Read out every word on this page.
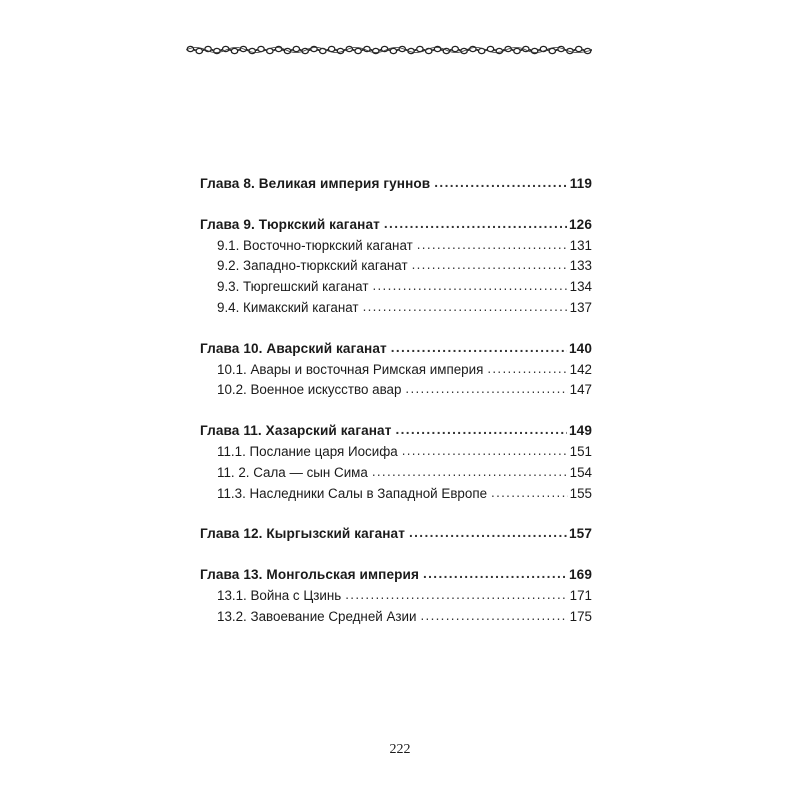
Глава 8. Великая империя гуннов . . .	119
Глава 9. Тюркский каганат . . .	126
9.1. Восточно-тюркский каганат . . .	131
9.2. Западно-тюркский каганат . . .	133
9.3. Тюргешский каганат . . .	134
9.4. Кимакский каганат . . .	137
Глава 10. Аварский каганат . . .	140
10.1. Авары и восточная Римская империя . . .	142
10.2. Военное искусство авар . . .	147
Глава 11. Хазарский каганат . . .	149
11.1. Послание царя Иосифа . . .	151
11. 2. Сала — сын Сима . . .	154
11.3. Наследники Салы в Западной Европе . . .	155
Глава 12. Кыргызский каганат . . .	157
Глава 13. Монгольская империя . . .	169
13.1. Война с Цзинь . . .	171
13.2. Завоевание Средней Азии . . .	175
222
